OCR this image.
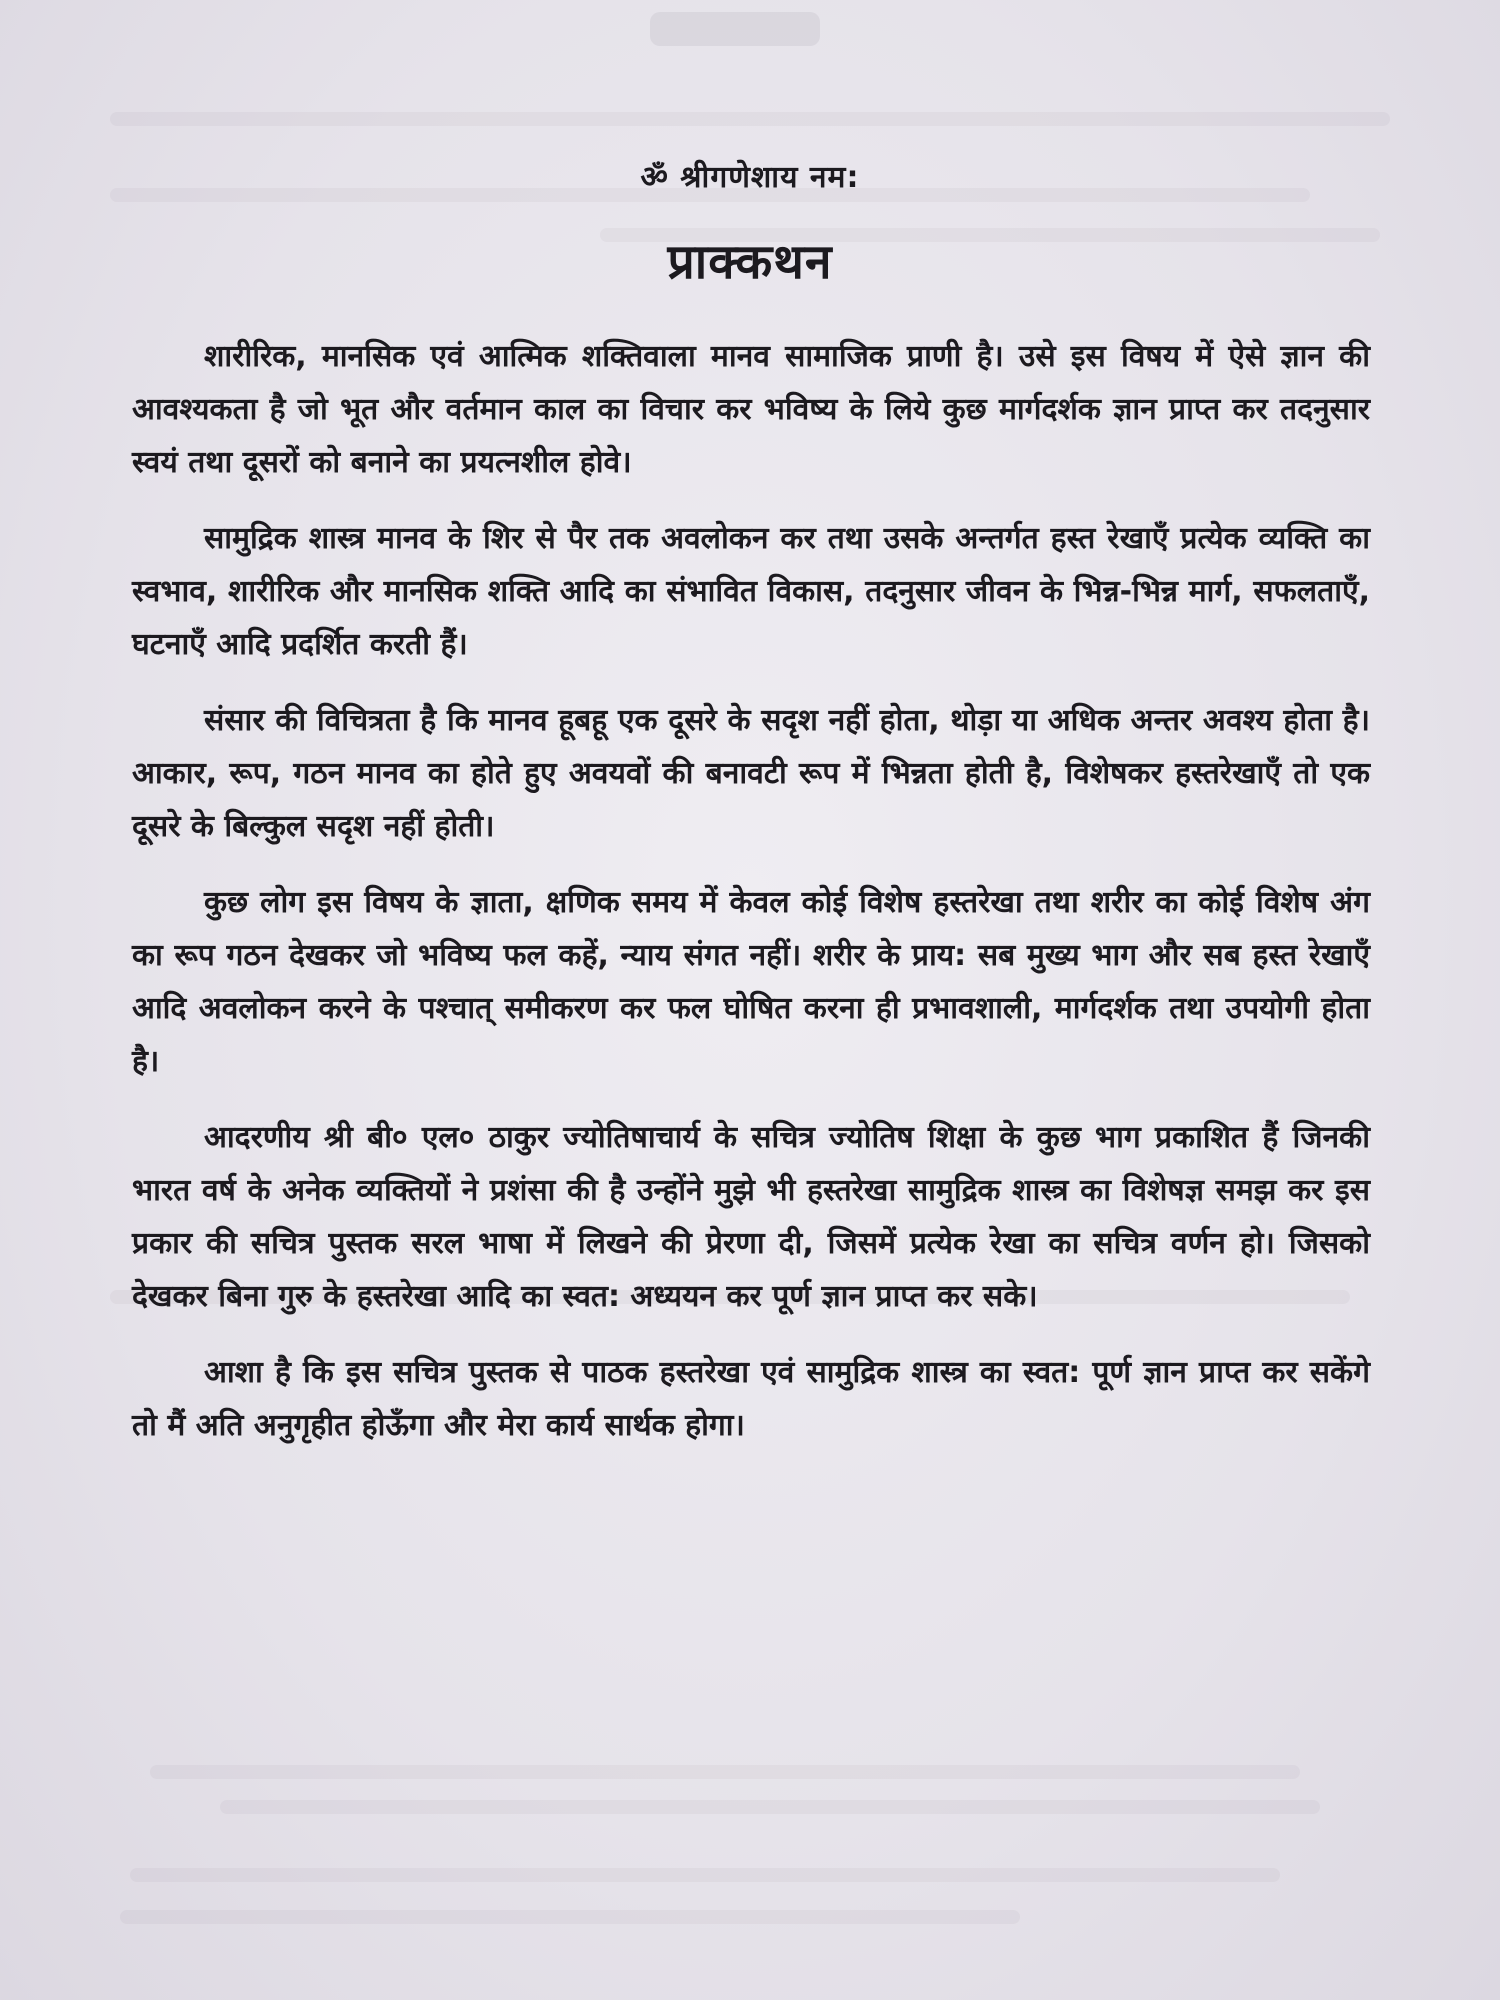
ॐ श्रीगणेशाय नम:
प्राक्कथन

शारीरिक, मानसिक एवं आत्मिक शक्तिवाला मानव सामाजिक प्राणी है। उसे इस विषय में ऐसे ज्ञान की आवश्यकता है जो भूत और वर्तमान काल का विचार कर भविष्य के लिये कुछ मार्गदर्शक ज्ञान प्राप्त कर तदनुसार स्वयं तथा दूसरों को बनाने का प्रयत्नशील होवे।

सामुद्रिक शास्त्र मानव के शिर से पैर तक अवलोकन कर तथा उसके अन्तर्गत हस्त रेखाएँ प्रत्येक व्यक्ति का स्वभाव, शारीरिक और मानसिक शक्ति आदि का संभावित विकास, तदनुसार जीवन के भिन्न-भिन्न मार्ग, सफलताएँ, घटनाएँ आदि प्रदर्शित करती हैं।

संसार की विचित्रता है कि मानव हूबहू एक दूसरे के सदृश नहीं होता, थोड़ा या अधिक अन्तर अवश्य होता है। आकार, रूप, गठन मानव का होते हुए अवयवों की बनावटी रूप में भिन्नता होती है, विशेषकर हस्तरेखाएँ तो एक दूसरे के बिल्कुल सदृश नहीं होती।

कुछ लोग इस विषय के ज्ञाता, क्षणिक समय में केवल कोई विशेष हस्तरेखा तथा शरीर का कोई विशेष अंग का रूप गठन देखकर जो भविष्य फल कहें, न्याय संगत नहीं। शरीर के प्राय: सब मुख्य भाग और सब हस्त रेखाएँ आदि अवलोकन करने के पश्चात् समीकरण कर फल घोषित करना ही प्रभावशाली, मार्गदर्शक तथा उपयोगी होता है।

आदरणीय श्री बी० एल० ठाकुर ज्योतिषाचार्य के सचित्र ज्योतिष शिक्षा के कुछ भाग प्रकाशित हैं जिनकी भारत वर्ष के अनेक व्यक्तियों ने प्रशंसा की है उन्होंने मुझे भी हस्तरेखा सामुद्रिक शास्त्र का विशेषज्ञ समझ कर इस प्रकार की सचित्र पुस्तक सरल भाषा में लिखने की प्रेरणा दी, जिसमें प्रत्येक रेखा का सचित्र वर्णन हो। जिसको देखकर बिना गुरु के हस्तरेखा आदि का स्वत: अध्ययन कर पूर्ण ज्ञान प्राप्त कर सके।

आशा है कि इस सचित्र पुस्तक से पाठक हस्तरेखा एवं सामुद्रिक शास्त्र का स्वत: पूर्ण ज्ञान प्राप्त कर सकेंगे तो मैं अति अनुगृहीत होऊँगा और मेरा कार्य सार्थक होगा।
